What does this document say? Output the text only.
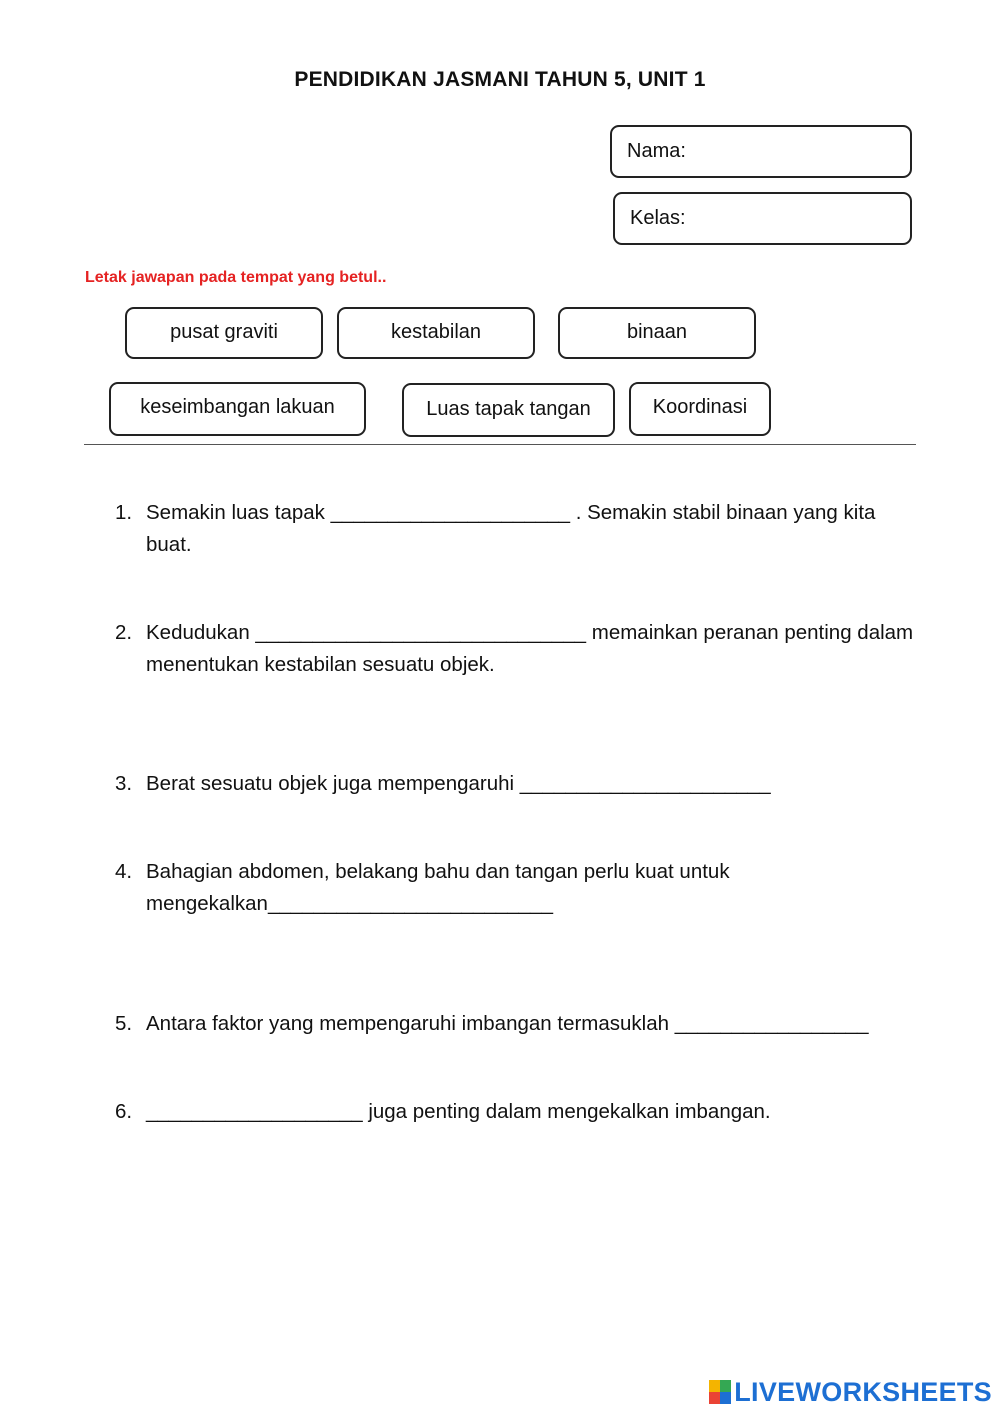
PENDIDIKAN JASMANI TAHUN 5, UNIT 1
Nama:
Kelas:
Letak jawapan pada tempat yang betul..
pusat graviti	kestabilan	binaan
keseimbangan lakuan	Luas tapak tangan	Koordinasi
1. Semakin luas tapak _____________________ . Semakin stabil binaan yang kita buat.
2. Kedudukan _____________________________ memainkan peranan penting dalam menentukan kestabilan sesuatu objek.
3. Berat sesuatu objek juga mempengaruhi ______________________
4. Bahagian abdomen, belakang bahu dan tangan perlu kuat untuk mengekalkan_________________________
5. Antara faktor yang mempengaruhi imbangan termasuklah _________________
6. ___________________ juga penting dalam mengekalkan imbangan.
LIVEWORKSHEETS
